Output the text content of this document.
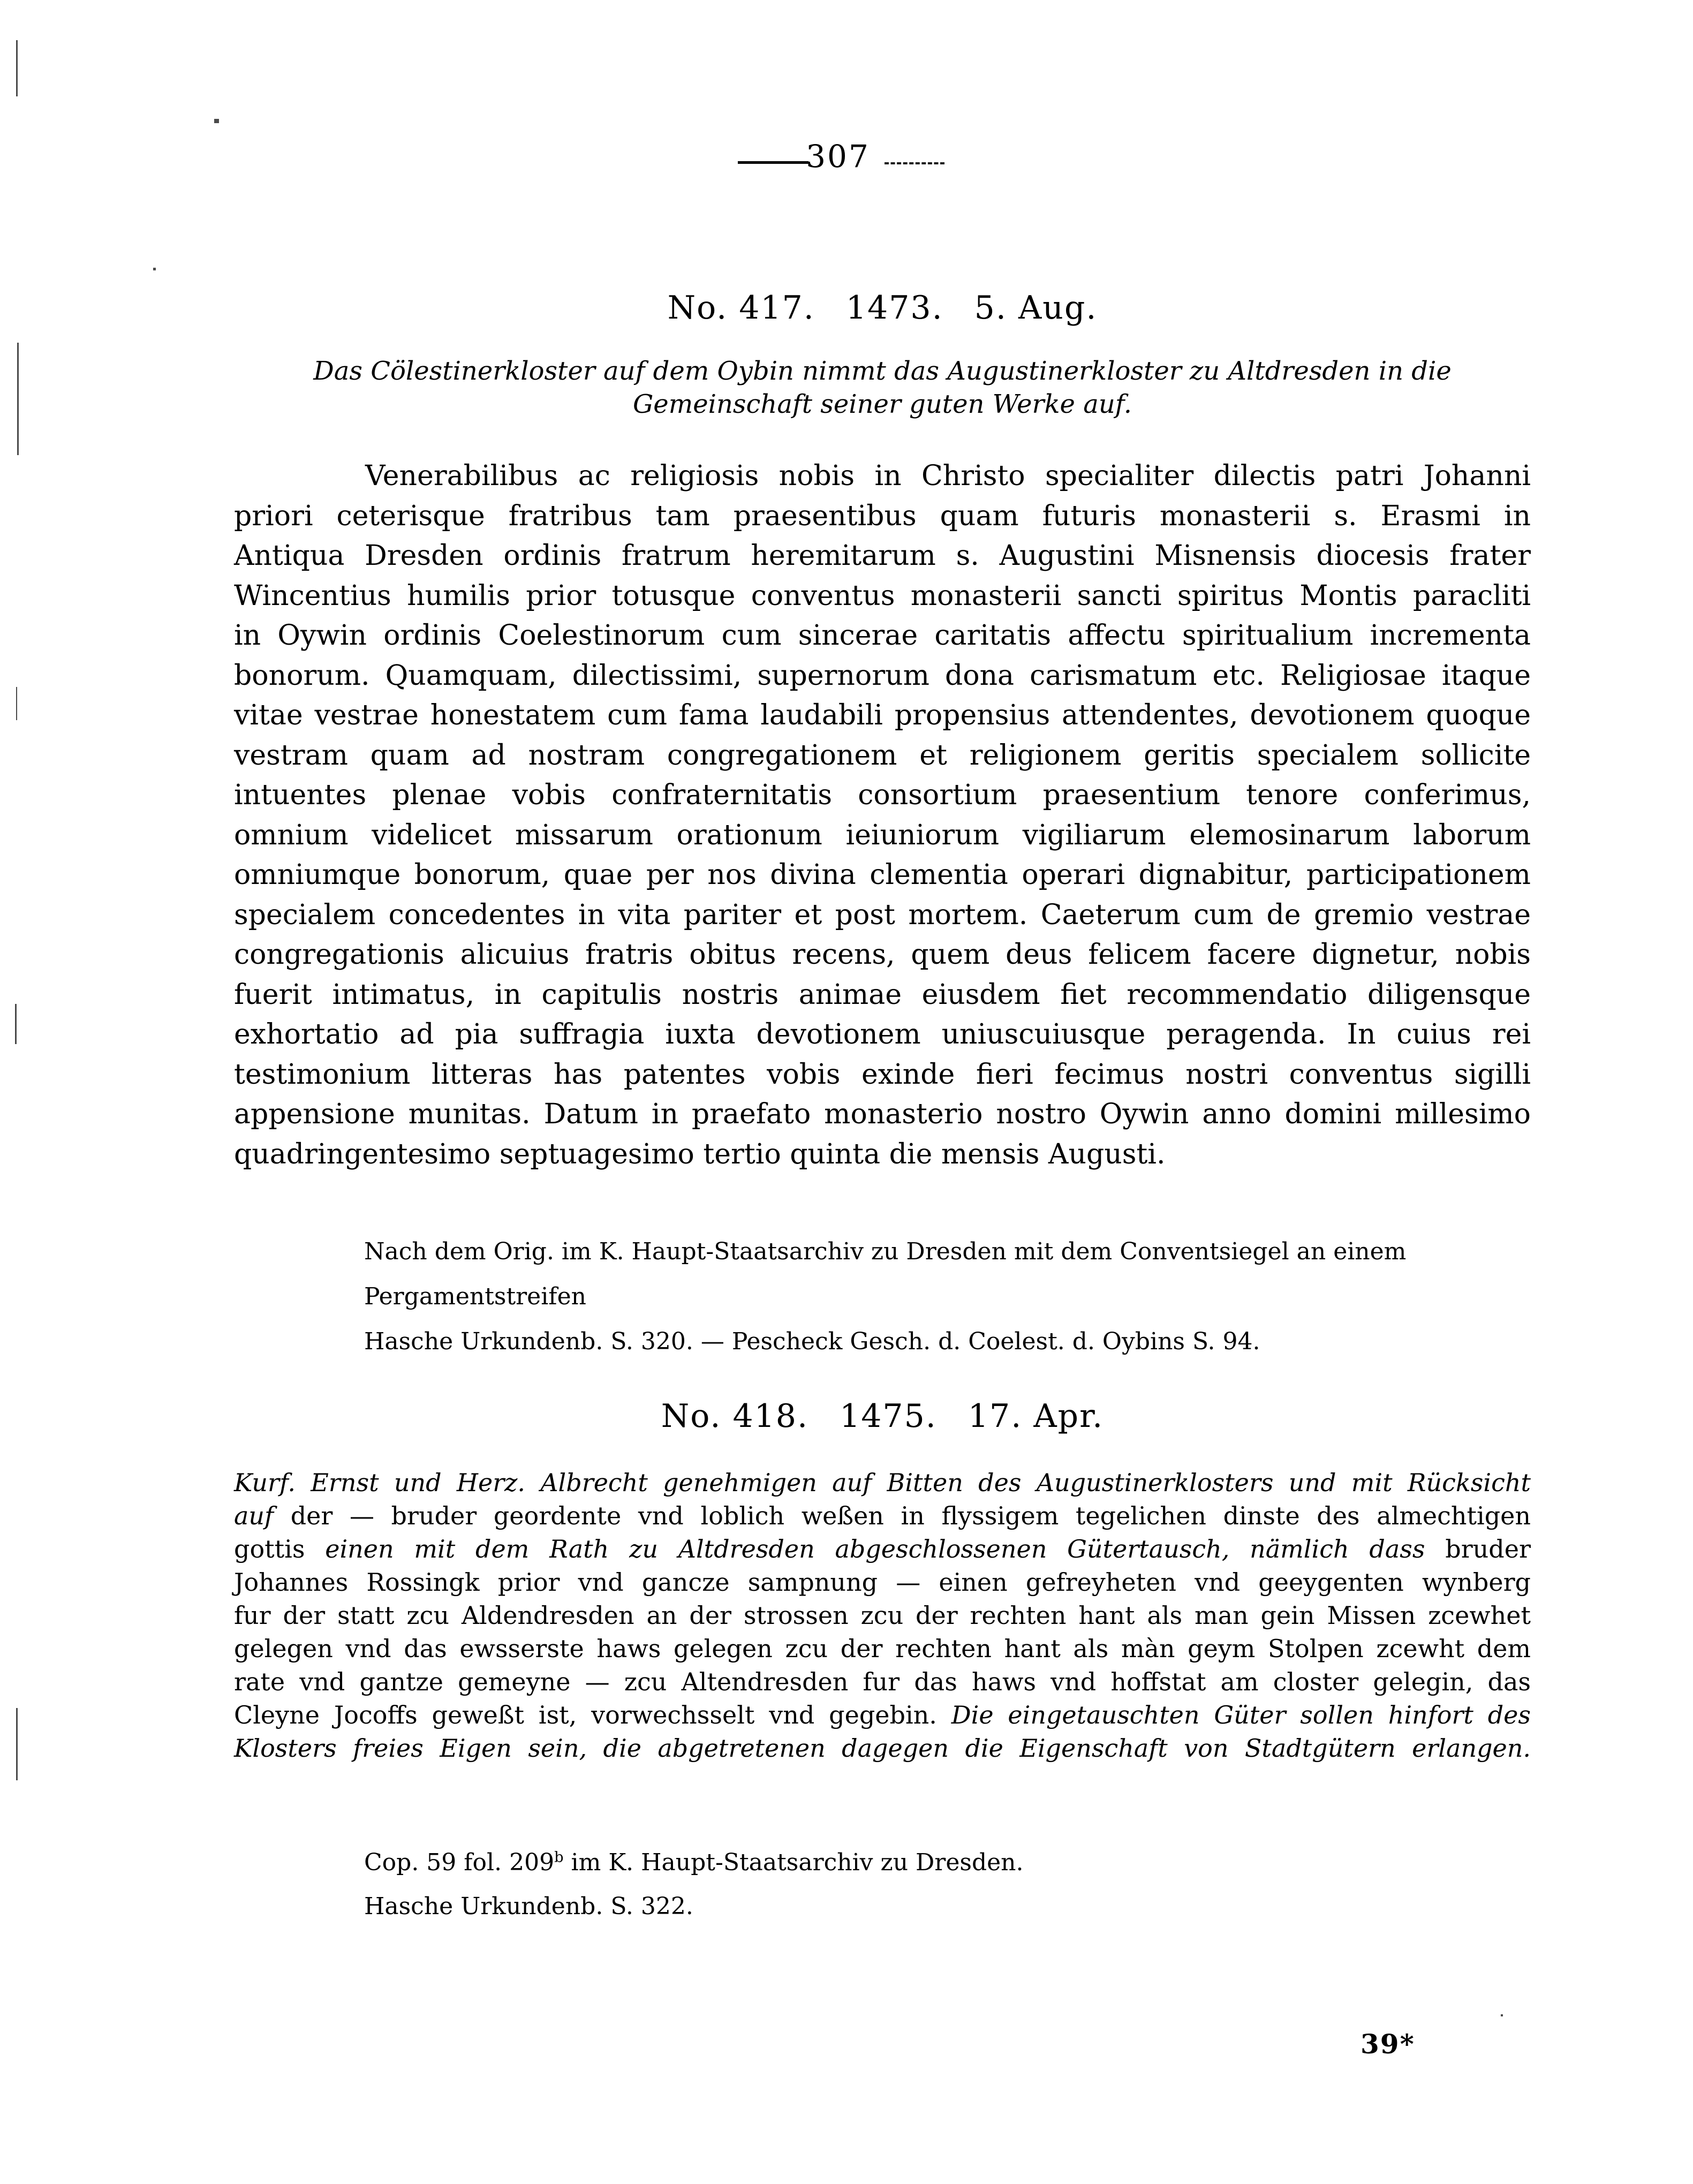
307
No. 417. 1473. 5. Aug.
Das Cölestinerkloster auf dem Oybin nimmt das Augustinerkloster zu Altdresden in die
Gemeinschaft seiner guten Werke auf.
Venerabilibus ac religiosis nobis in Christo specialiter dilectis patri Johanni
priori ceterisque fratribus tam praesentibus quam futuris monasterii s. Erasmi in
Antiqua Dresden ordinis fratrum heremitarum s. Augustini Misnensis diocesis frater
Wincentius humilis prior totusque conventus monasterii sancti spiritus Montis paracliti
in Oywin ordinis Coelestinorum cum sincerae caritatis affectu spiritualium incrementa
bonorum. Quamquam, dilectissimi, supernorum dona carismatum etc. Religiosae itaque
vitae vestrae honestatem cum fama laudabili propensius attendentes, devotionem quoque
vestram quam ad nostram congregationem et religionem geritis specialem sollicite
intuentes plenae vobis confraternitatis consortium praesentium tenore conferimus,
omnium videlicet missarum orationum ieiuniorum vigiliarum elemosinarum laborum
omniumque bonorum, quae per nos divina clementia operari dignabitur, participationem
specialem concedentes in vita pariter et post mortem. Caeterum cum de gremio vestrae
congregationis alicuius fratris obitus recens, quem deus felicem facere dignetur, nobis
fuerit intimatus, in capitulis nostris animae eiusdem fiet recommendatio diligensque
exhortatio ad pia suffragia iuxta devotionem uniuscuiusque peragenda. In cuius rei
testimonium litteras has patentes vobis exinde fieri fecimus nostri conventus sigilli
appensione munitas. Datum in praefato monasterio nostro Oywin anno domini millesimo
quadringentesimo septuagesimo tertio quinta die mensis Augusti.
Nach dem Orig. im K. Haupt-Staatsarchiv zu Dresden mit dem Conventsiegel an einem Pergamentstreifen
Hasche Urkundenb. S. 320. — Pescheck Gesch. d. Coelest. d. Oybins S. 94.
No. 418. 1475. 17. Apr.
Kurf. Ernst und Herz. Albrecht genehmigen auf Bitten des Augustinerklosters und mit Rücksicht
auf der — bruder geordente vnd loblich weßen in flyssigem tegelichen dinste des almechtigen
gottis einen mit dem Rath zu Altdresden abgeschlossenen Gütertausch, nämlich dass bruder
Johannes Rossingk prior vnd gancze sampnung — einen gefreyheten vnd geeygenten wynberg
fur der statt zcu Aldendresden an der strossen zcu der rechten hant als man gein Missen zcewhet
gelegen vnd das ewsserste haws gelegen zcu der rechten hant als màn geym Stolpen zcewht dem
rate vnd gantze gemeyne — zcu Altendresden fur das haws vnd hoffstat am closter gelegin, das
Cleyne Jocoffs geweßt ist, vorwechsselt vnd gegebin. Die eingetauschten Güter sollen hinfort des
Klosters freies Eigen sein, die abgetretenen dagegen die Eigenschaft von Stadtgütern erlangen.
Cop. 59 fol. 209$^b$ im K. Haupt-Staatsarchiv zu Dresden.
Hasche Urkundenb. S. 322.
39*
